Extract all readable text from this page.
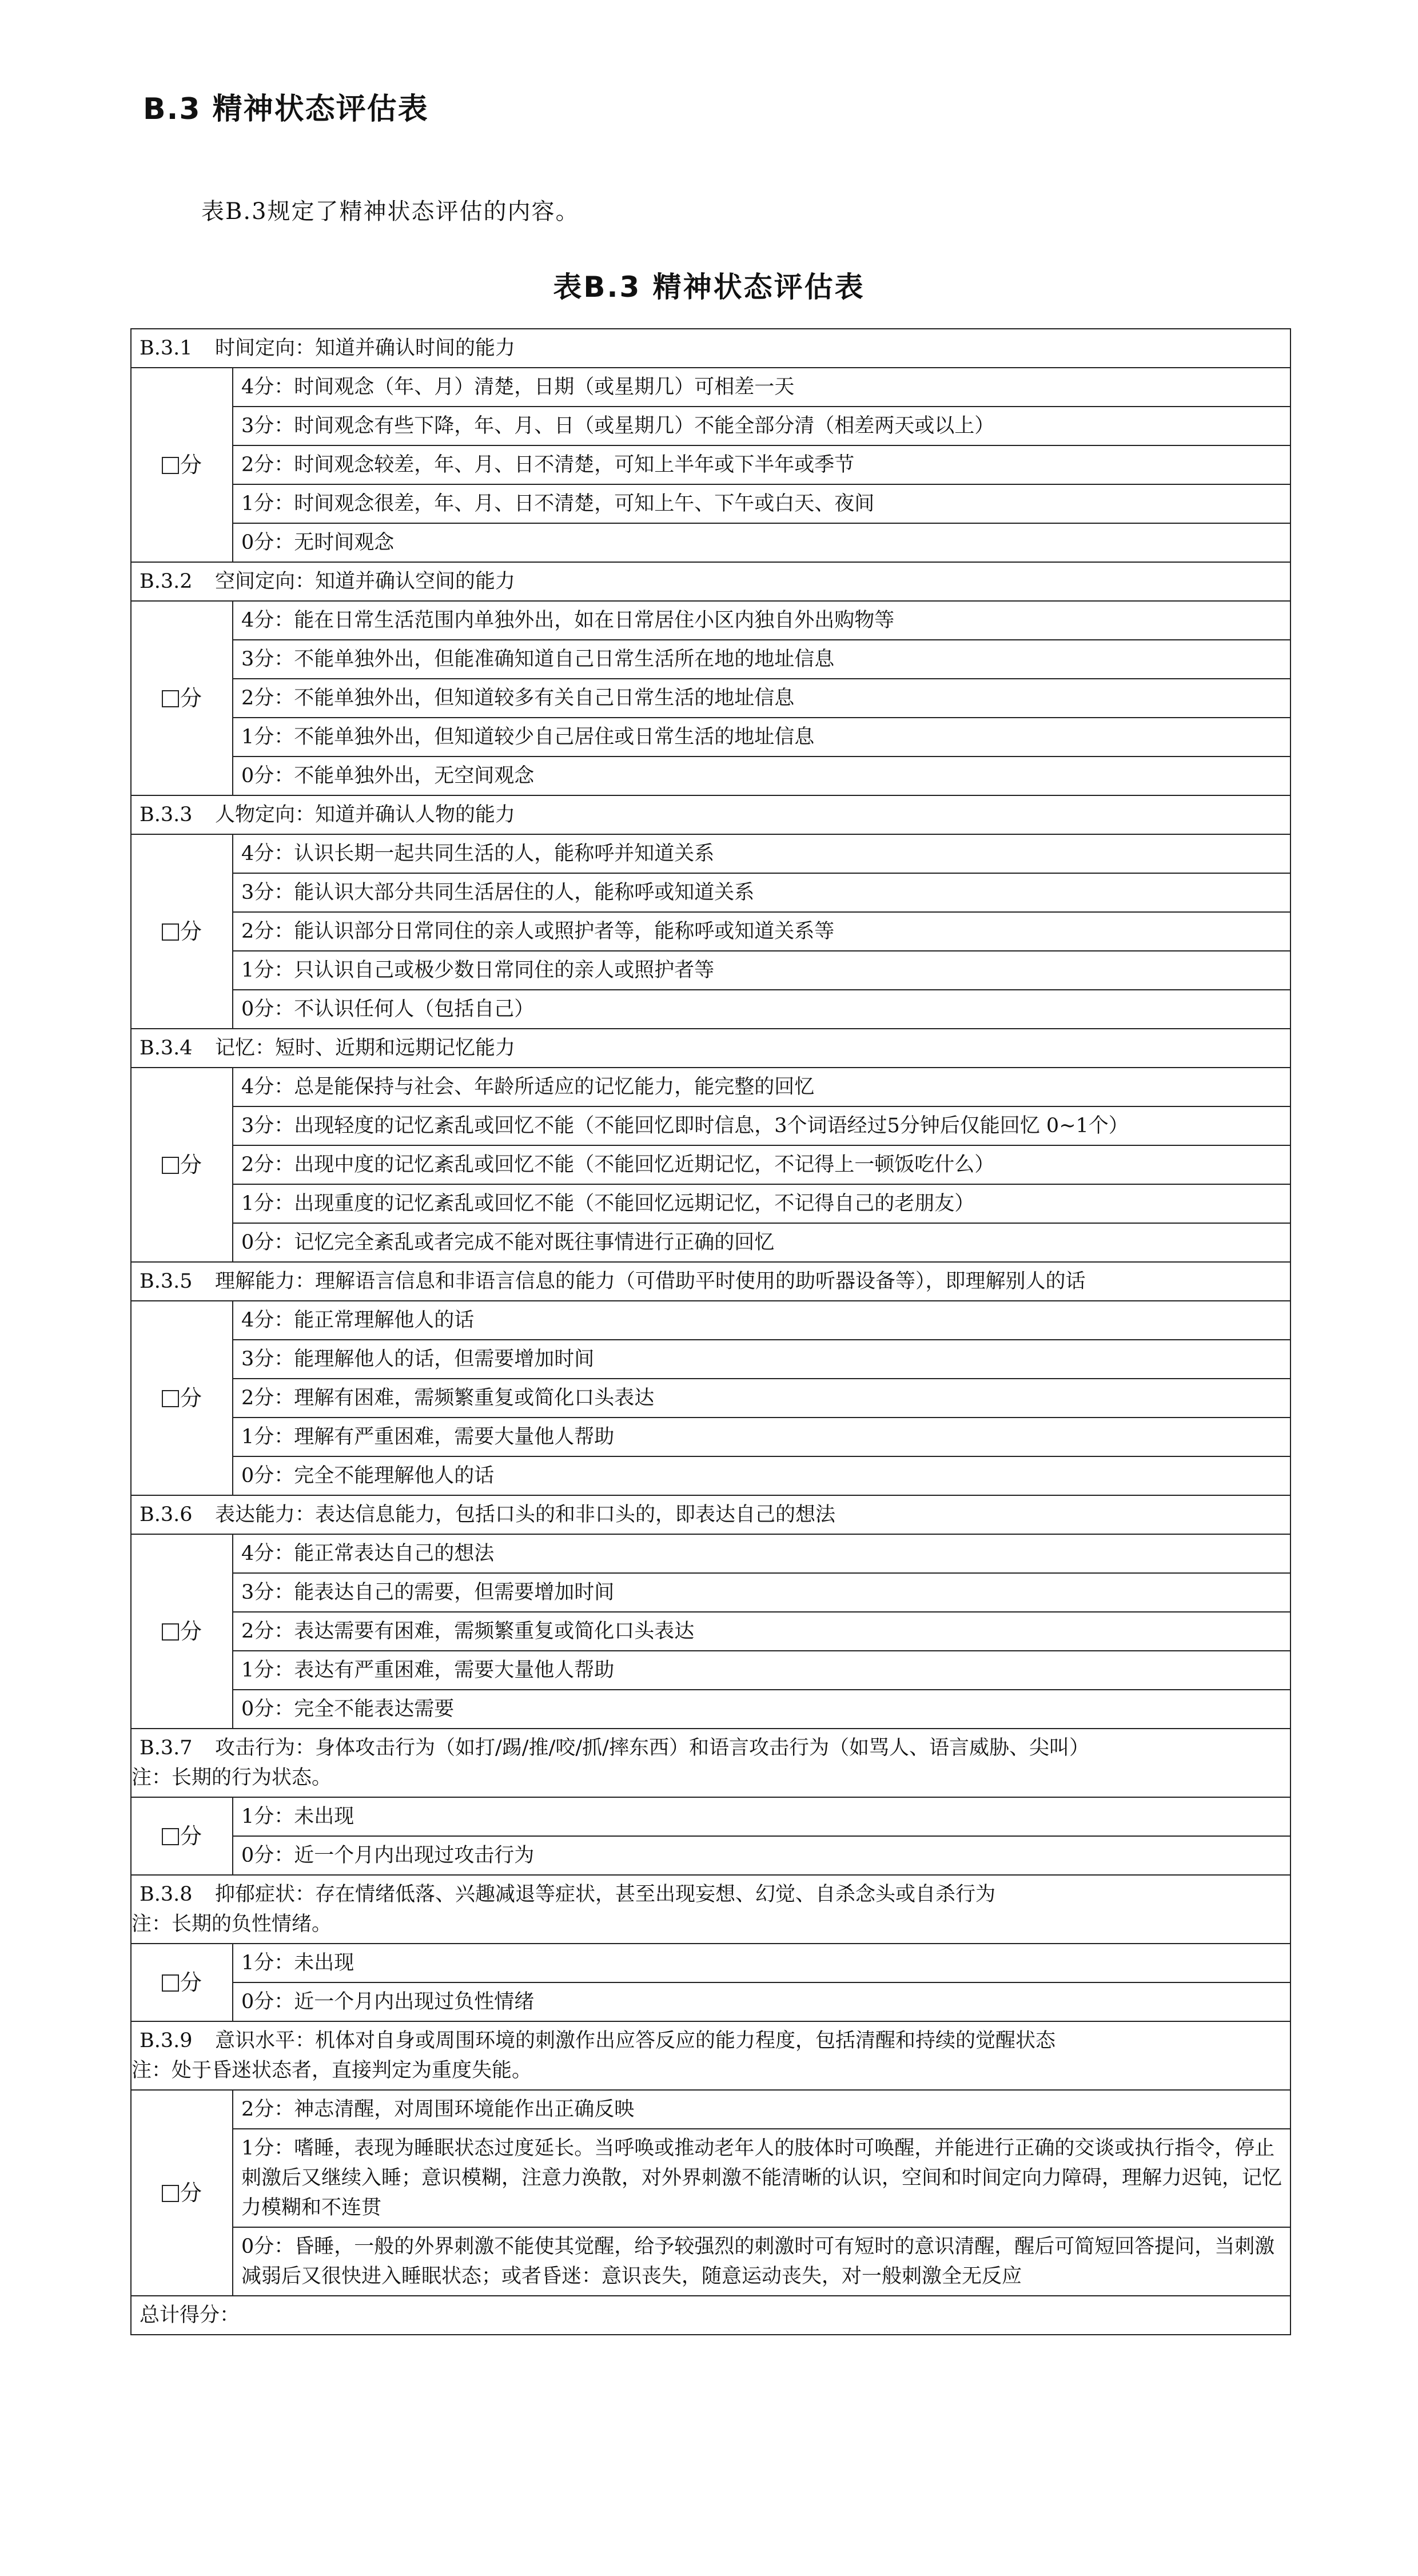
B.3 精神状态评估表
表B.3规定了精神状态评估的内容。
表B.3 精神状态评估表
B.3.1 时间定向：知道并确认时间的能力	
分	4分：时间观念（年、月）清楚，日期（或星期几）可相差一天
	3分：时间观念有些下降，年、月、日（或星期几）不能全部分清（相差两天或以上）
	2分：时间观念较差，年、月、日不清楚，可知上半年或下半年或季节
	1分：时间观念很差，年、月、日不清楚，可知上午、下午或白天、夜间
	0分：无时间观念
B.3.2 空间定向：知道并确认空间的能力	
分	4分：能在日常生活范围内单独外出，如在日常居住小区内独自外出购物等
	3分：不能单独外出，但能准确知道自己日常生活所在地的地址信息
	2分：不能单独外出，但知道较多有关自己日常生活的地址信息
	1分：不能单独外出，但知道较少自己居住或日常生活的地址信息
	0分：不能单独外出，无空间观念
B.3.3 人物定向：知道并确认人物的能力	
分	4分：认识长期一起共同生活的人，能称呼并知道关系
	3分：能认识大部分共同生活居住的人，能称呼或知道关系
	2分：能认识部分日常同住的亲人或照护者等，能称呼或知道关系等
	1分：只认识自己或极少数日常同住的亲人或照护者等
	0分：不认识任何人（包括自己）
B.3.4 记忆：短时、近期和远期记忆能力	
分	4分：总是能保持与社会、年龄所适应的记忆能力，能完整的回忆
	3分：出现轻度的记忆紊乱或回忆不能（不能回忆即时信息，3个词语经过5分钟后仅能回忆 0~1个）
	2分：出现中度的记忆紊乱或回忆不能（不能回忆近期记忆，不记得上一顿饭吃什么）
	1分：出现重度的记忆紊乱或回忆不能（不能回忆远期记忆，不记得自己的老朋友）
	0分：记忆完全紊乱或者完成不能对既往事情进行正确的回忆
B.3.5 理解能力：理解语言信息和非语言信息的能力（可借助平时使用的助听器设备等），即理解别人的话	
分	4分：能正常理解他人的话
	3分：能理解他人的话，但需要增加时间
	2分：理解有困难，需频繁重复或简化口头表达
	1分：理解有严重困难，需要大量他人帮助
	0分：完全不能理解他人的话
B.3.6 表达能力：表达信息能力，包括口头的和非口头的，即表达自己的想法	
分	4分：能正常表达自己的想法
	3分：能表达自己的需要，但需要增加时间
	2分：表达需要有困难，需频繁重复或简化口头表达
	1分：表达有严重困难，需要大量他人帮助
	0分：完全不能表达需要
B.3.7 攻击行为：身体攻击行为（如打/踢/推/咬/抓/摔东西）和语言攻击行为（如骂人、语言威胁、尖叫）
注：长期的行为状态。	

分	1分：未出现
	0分：近一个月内出现过攻击行为
B.3.8 抑郁症状：存在情绪低落、兴趣减退等症状，甚至出现妄想、幻觉、自杀念头或自杀行为
注：长期的负性情绪。	

分	1分：未出现
	0分：近一个月内出现过负性情绪
B.3.9 意识水平：机体对自身或周围环境的刺激作出应答反应的能力程度，包括清醒和持续的觉醒状态
注：处于昏迷状态者，直接判定为重度失能。	

分	2分：神志清醒，对周围环境能作出正确反映
	1分：嗜睡，表现为睡眠状态过度延长。当呼唤或推动老年人的肢体时可唤醒，并能进行正确的交谈或执行指令，停止刺激后又继续入睡；意识模糊，注意力涣散，对外界刺激不能清晰的认识，空间和时间定向力障碍，理解力迟钝，记忆力模糊和不连贯
	0分：昏睡，一般的外界刺激不能使其觉醒，给予较强烈的刺激时可有短时的意识清醒，醒后可简短回答提问，当刺激减弱后又很快进入睡眠状态；或者昏迷：意识丧失，随意运动丧失，对一般刺激全无反应
总计得分：	
